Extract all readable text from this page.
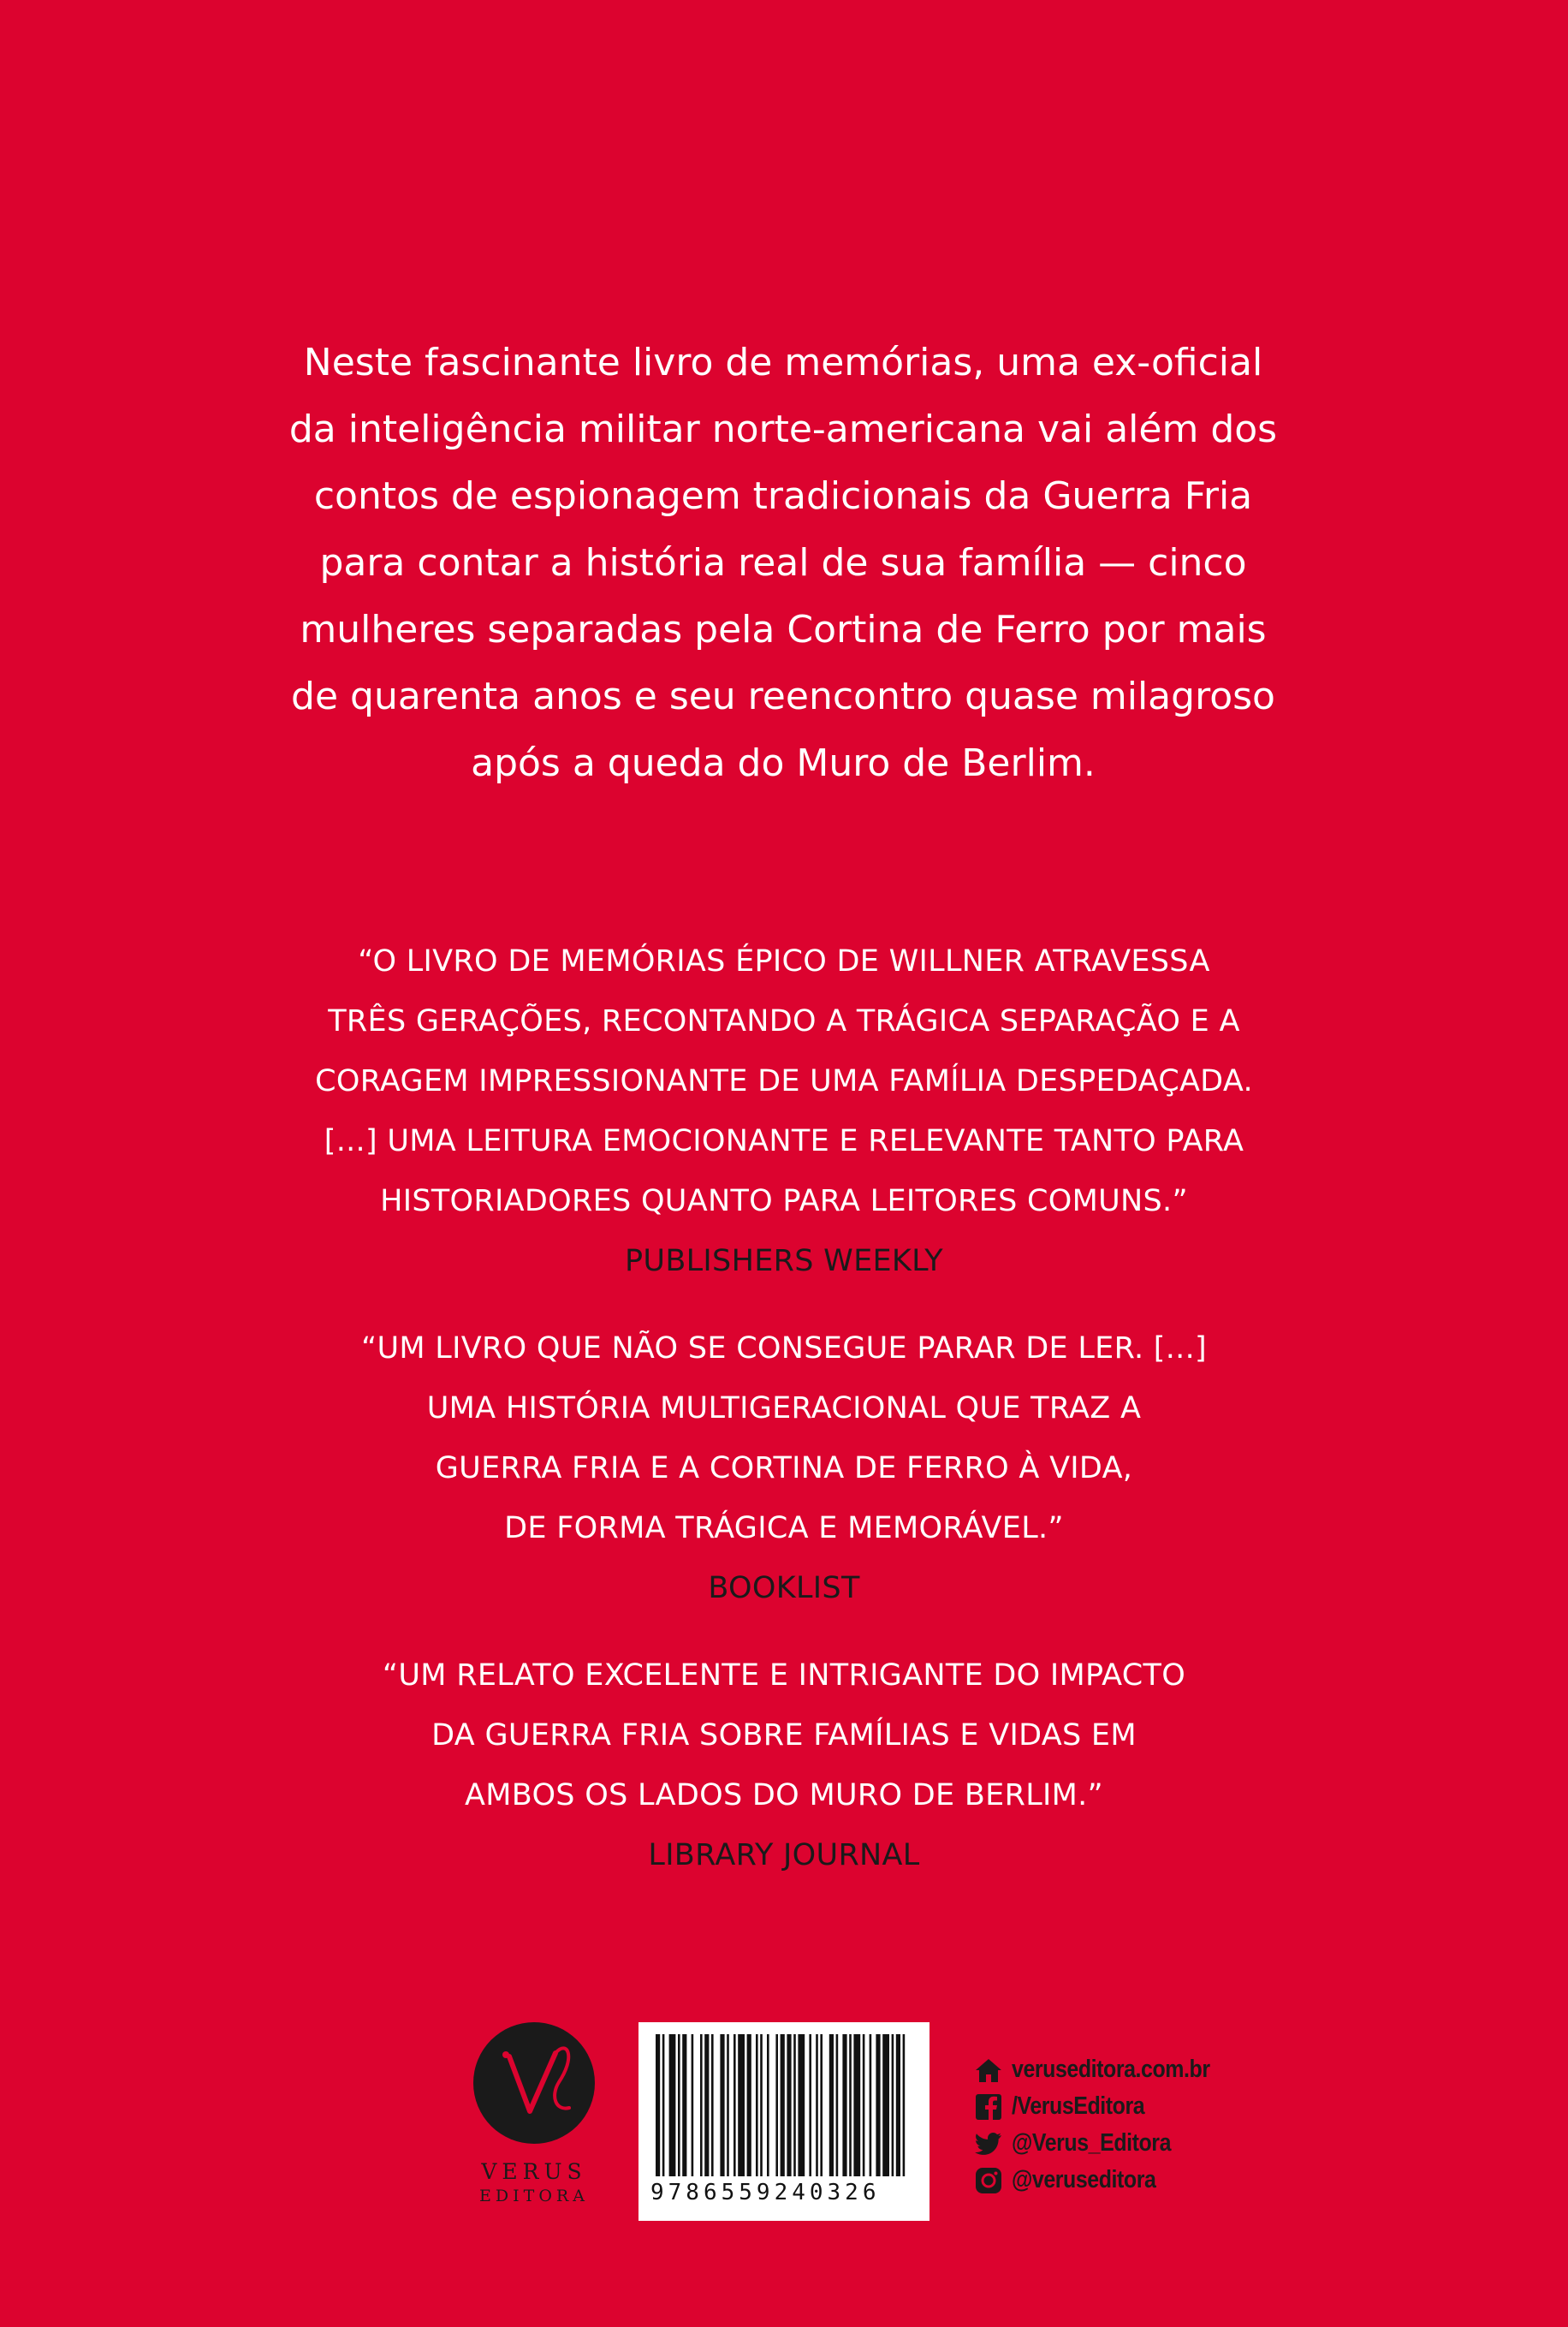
Neste fascinante livro de memórias, uma ex-oficial
da inteligência militar norte-americana vai além dos
contos de espionagem tradicionais da Guerra Fria
para contar a história real de sua família — cinco
mulheres separadas pela Cortina de Ferro por mais
de quarenta anos e seu reencontro quase milagroso
após a queda do Muro de Berlim.
“O LIVRO DE MEMÓRIAS ÉPICO DE WILLNER ATRAVESSA
TRÊS GERAÇÕES, RECONTANDO A TRÁGICA SEPARAÇÃO E A
CORAGEM IMPRESSIONANTE DE UMA FAMÍLIA DESPEDAÇADA.
[...] UMA LEITURA EMOCIONANTE E RELEVANTE TANTO PARA
HISTORIADORES QUANTO PARA LEITORES COMUNS.”
PUBLISHERS WEEKLY
“UM LIVRO QUE NÃO SE CONSEGUE PARAR DE LER. [...]
UMA HISTÓRIA MULTIGERACIONAL QUE TRAZ A
GUERRA FRIA E A CORTINA DE FERRO À VIDA,
DE FORMA TRÁGICA E MEMORÁVEL.”
BOOKLIST
“UM RELATO EXCELENTE E INTRIGANTE DO IMPACTO
DA GUERRA FRIA SOBRE FAMÍLIAS E VIDAS EM
AMBOS OS LADOS DO MURO DE BERLIM.”
LIBRARY JOURNAL
VERUS
EDITORA	9786559240326
veruseditora.com.br
/VerusEditora
@Verus_Editora
@veruseditora
